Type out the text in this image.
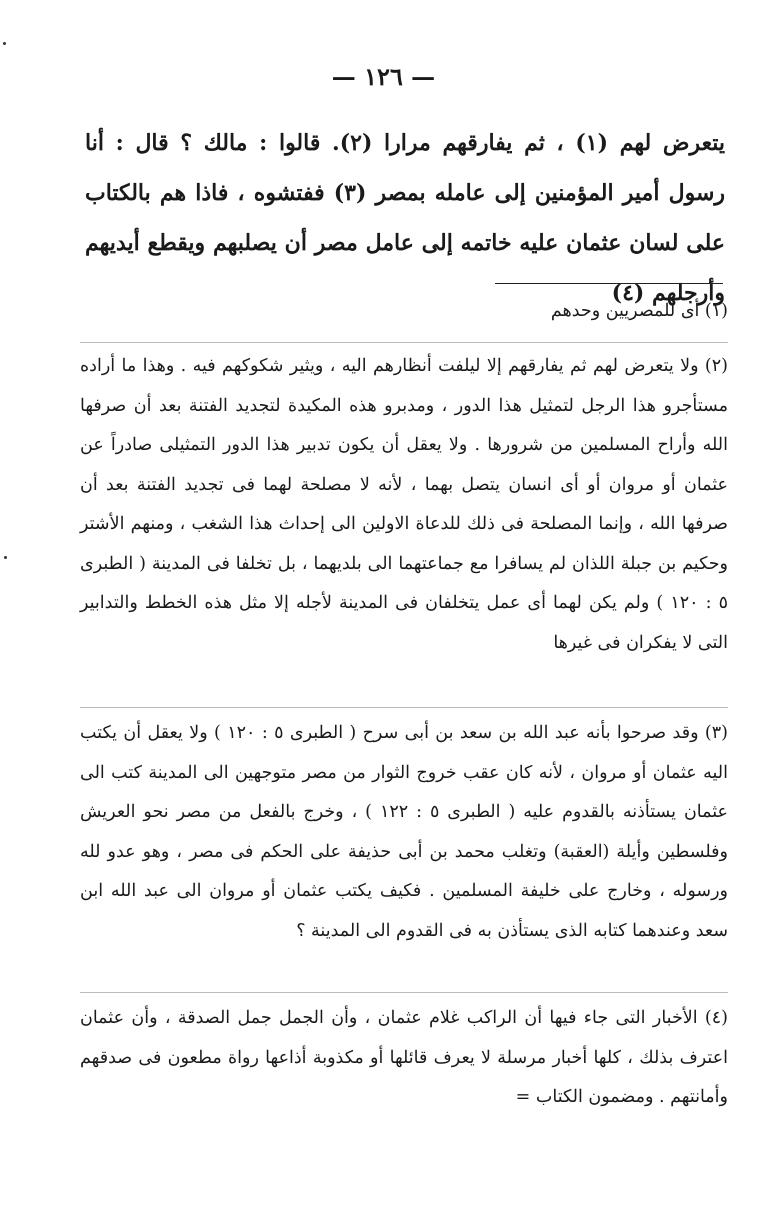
— ١٢٦ —

يتعرض لهم (١) ، ثم يفارقهم مرارا (٢). قالوا : مالك ؟ قال : أنا رسول أمير المؤمنين إلى عامله بمصر (٣) ففتشوه ، فاذا هم بالكتاب على لسان عثمان عليه خاتمه إلى عامل مصر أن يصلبهم ويقطع أيديهم وأرجلهم (٤)

(١) أى للمصريين وحدهم

(٢) ولا يتعرض لهم ثم يفارقهم إلا ليلفت أنظارهم اليه ، ويثير شكوكهم فيه . وهذا ما أراده مستأجرو هذا الرجل لتمثيل هذا الدور ، ومدبرو هذه المكيدة لتجديد الفتنة بعد أن صرفها الله وأراح المسلمين من شرورها . ولا يعقل أن يكون تدبير هذا الدور التمثيلى صادراً عن عثمان أو مروان أو أى انسان يتصل بهما ، لأنه لا مصلحة لهما فى تجديد الفتنة بعد أن صرفها الله ، وإنما المصلحة فى ذلك للدعاة الاولين الى إحداث هذا الشغب ، ومنهم الأشتر وحكيم بن جبلة اللذان لم يسافرا مع جماعتهما الى بلديهما ، بل تخلفا فى المدينة ( الطبرى ٥ : ١٢٠ ) ولم يكن لهما أى عمل يتخلفان فى المدينة لأجله إلا مثل هذه الخطط والتدابير التى لا يفكران فى غيرها

(٣) وقد صرحوا بأنه عبد الله بن سعد بن أبى سرح ( الطبرى ٥ : ١٢٠ ) ولا يعقل أن يكتب اليه عثمان أو مروان ، لأنه كان عقب خروج الثوار من مصر متوجهين الى المدينة كتب الى عثمان يستأذنه بالقدوم عليه ( الطبرى ٥ : ١٢٢ ) ، وخرج بالفعل من مصر نحو العريش وفلسطين وأيلة (العقبة) وتغلب محمد بن أبى حذيفة على الحكم فى مصر ، وهو عدو لله ورسوله ، وخارج على خليفة المسلمين . فكيف يكتب عثمان أو مروان الى عبد الله ابن سعد وعندهما كتابه الذى يستأذن به فى القدوم الى المدينة ؟

(٤) الأخبار التى جاء فيها أن الراكب غلام عثمان ، وأن الجمل جمل الصدقة ، وأن عثمان اعترف بذلك ، كلها أخبار مرسلة لا يعرف قائلها أو مكذوبة أذاعها رواة مطعون فى صدقهم وأمانتهم . ومضمون الكتاب =
